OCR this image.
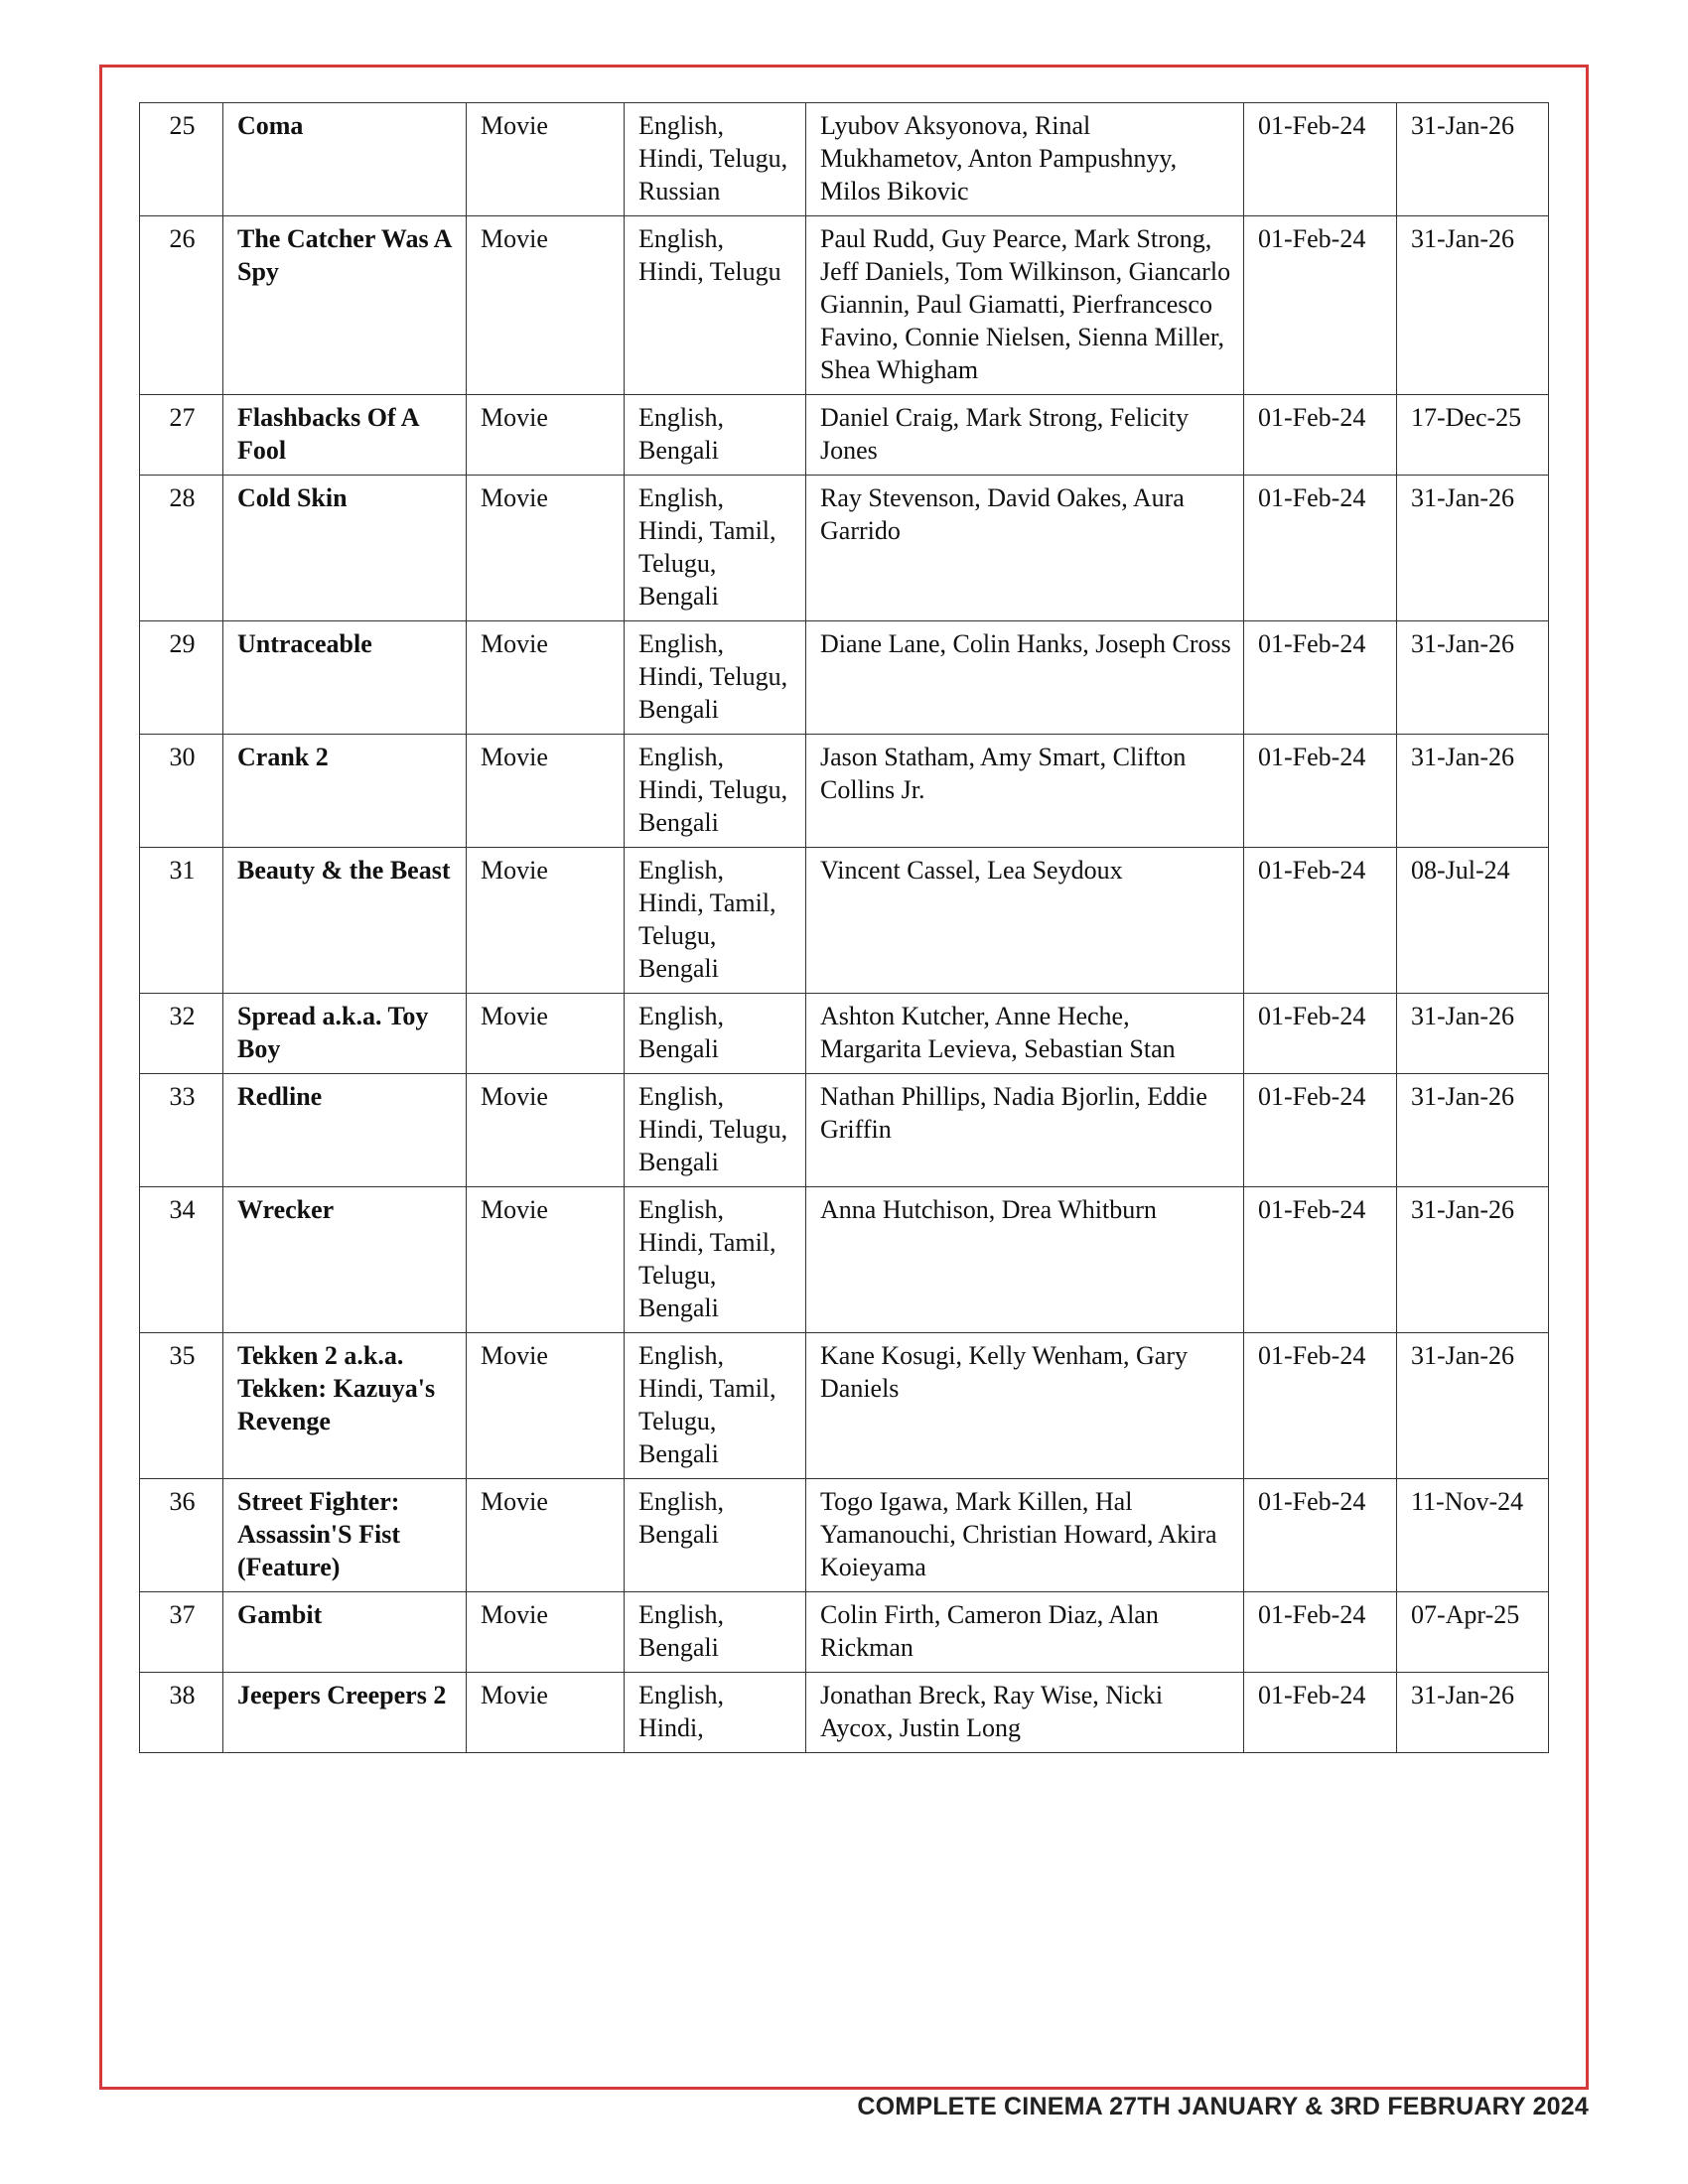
25	Coma	Movie	English, Hindi, Telugu, Russian	Lyubov Aksyonova, Rinal Mukhametov, Anton Pampushnyy, Milos Bikovic	01-Feb-24	31-Jan-26
26	The Catcher Was A Spy	Movie	English, Hindi, Telugu	Paul Rudd, Guy Pearce, Mark Strong, Jeff Daniels, Tom Wilkinson, Giancarlo Giannin, Paul Giamatti, Pierfrancesco Favino, Connie Nielsen, Sienna Miller, Shea Whigham	01-Feb-24	31-Jan-26
27	Flashbacks Of A Fool	Movie	English, Bengali	Daniel Craig, Mark Strong, Felicity Jones	01-Feb-24	17-Dec-25
28	Cold Skin	Movie	English, Hindi, Tamil, Telugu, Bengali	Ray Stevenson, David Oakes, Aura Garrido	01-Feb-24	31-Jan-26
29	Untraceable	Movie	English, Hindi, Telugu, Bengali	Diane Lane, Colin Hanks, Joseph Cross	01-Feb-24	31-Jan-26
30	Crank 2	Movie	English, Hindi, Telugu, Bengali	Jason Statham, Amy Smart, Clifton Collins Jr.	01-Feb-24	31-Jan-26
31	Beauty & the Beast	Movie	English, Hindi, Tamil, Telugu, Bengali	Vincent Cassel, Lea Seydoux	01-Feb-24	08-Jul-24
32	Spread a.k.a. Toy Boy	Movie	English, Bengali	Ashton Kutcher, Anne Heche, Margarita Levieva, Sebastian Stan	01-Feb-24	31-Jan-26
33	Redline	Movie	English, Hindi, Telugu, Bengali	Nathan Phillips, Nadia Bjorlin, Eddie Griffin	01-Feb-24	31-Jan-26
34	Wrecker	Movie	English, Hindi, Tamil, Telugu, Bengali	Anna Hutchison, Drea Whitburn	01-Feb-24	31-Jan-26
35	Tekken 2 a.k.a. Tekken: Kazuya's Revenge	Movie	English, Hindi, Tamil, Telugu, Bengali	Kane Kosugi, Kelly Wenham, Gary Daniels	01-Feb-24	31-Jan-26
36	Street Fighter: Assassin'S Fist (Feature)	Movie	English, Bengali	Togo Igawa, Mark Killen, Hal Yamanouchi, Christian Howard, Akira Koieyama	01-Feb-24	11-Nov-24
37	Gambit	Movie	English, Bengali	Colin Firth, Cameron Diaz, Alan Rickman	01-Feb-24	07-Apr-25
38	Jeepers Creepers 2	Movie	English, Hindi,	Jonathan Breck, Ray Wise, Nicki Aycox, Justin Long	01-Feb-24	31-Jan-26
COMPLETE CINEMA 27TH JANUARY & 3RD FEBRUARY 2024
